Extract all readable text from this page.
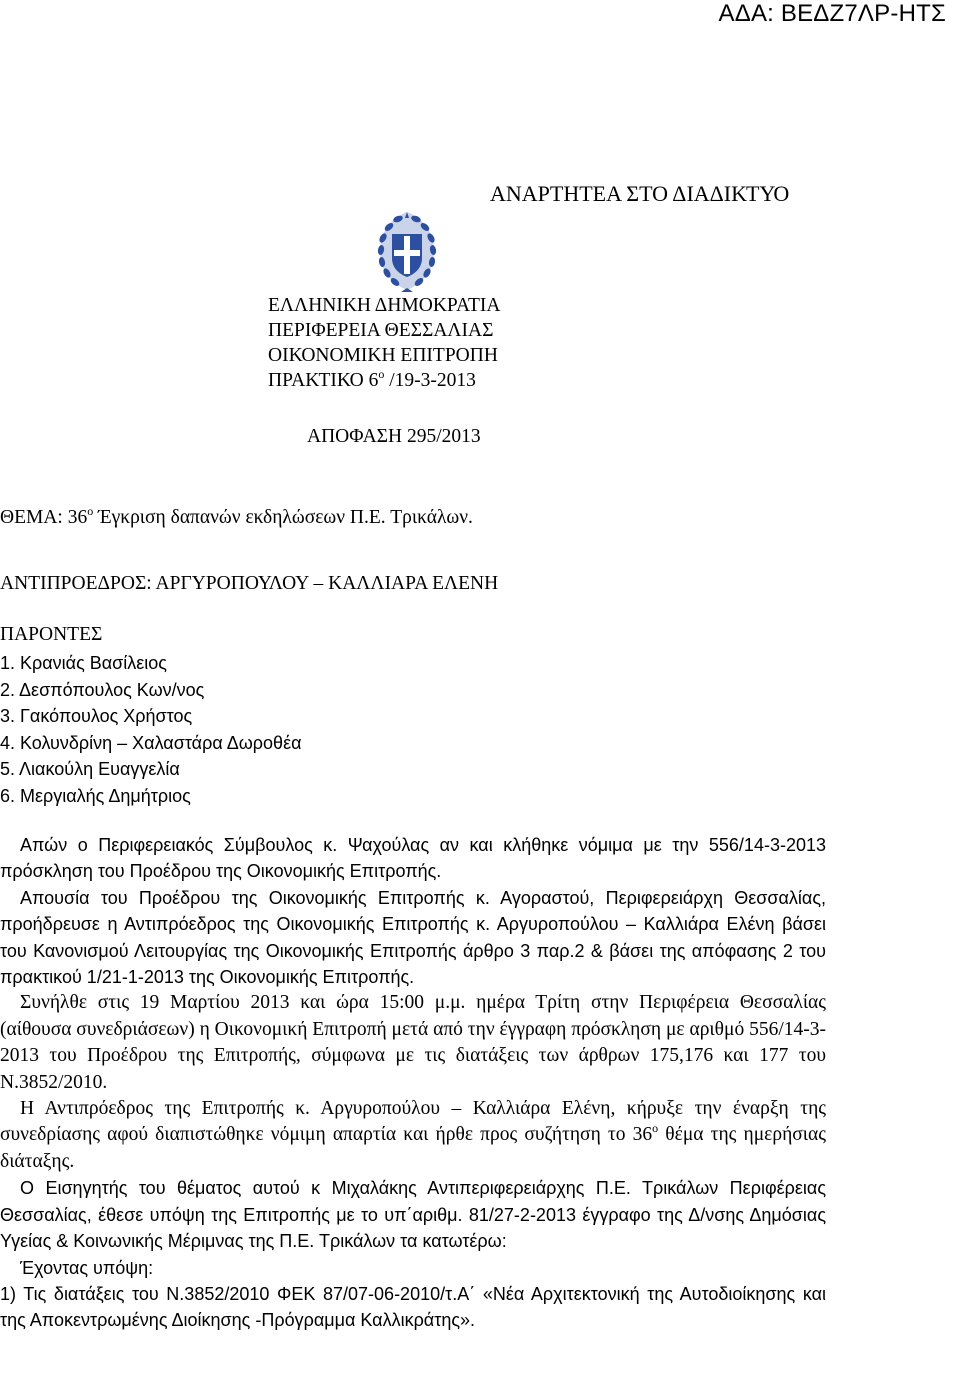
ΑΔΑ: ΒΕΔΖ7ΛΡ-ΗΤΣ
ΑΝΑΡΤΗΤΕΑ ΣΤΟ ΔΙΑΔΙΚΤΥΟ
ΕΛΛΗΝΙΚΗ ΔΗΜΟΚΡΑΤΙΑ
ΠΕΡΙΦΕΡΕΙΑ ΘΕΣΣΑΛΙΑΣ
ΟΙΚΟΝΟΜΙΚΗ ΕΠΙΤΡΟΠΗ
ΠΡΑΚΤΙΚΟ $6^o$ /19-3-2013
ΑΠΟΦΑΣΗ 295/2013
ΘΕΜΑ: $36^o$ Έγκριση δαπανών εκδηλώσεων Π.Ε. Τρικάλων.
ΑΝΤΙΠΡΟΕΔΡΟΣ: ΑΡΓΥΡΟΠΟΥΛΟΥ – ΚΑΛΛΙΑΡΑ ΕΛΕΝΗ
ΠΑΡΟΝΤΕΣ
1. Κρανιάς Βασίλειος
2. Δεσπόπουλος Κων/νος
3. Γακόπουλος Χρήστος
4. Κολυνδρίνη – Χαλαστάρα Δωροθέα
5. Λιακούλη Ευαγγελία
6. Μεργιαλής Δημήτριος

Απών ο Περιφερειακός Σύμβουλος κ. Ψαχούλας αν και κλήθηκε νόμιμα με την 556/14-3-2013 πρόσκληση του Προέδρου της Οικονομικής Επιτροπής.

Απουσία του Προέδρου της Οικονομικής Επιτροπής κ. Αγοραστού, Περιφερειάρχη Θεσσαλίας, προήδρευσε η Αντιπρόεδρος της Οικονομικής Επιτροπής κ. Αργυροπούλου – Καλλιάρα Ελένη βάσει του Κανονισμού Λειτουργίας της Οικονομικής Επιτροπής άρθρο 3 παρ.2 & βάσει της απόφασης 2 του πρακτικού 1/21-1-2013 της Οικονομικής Επιτροπής.

Συνήλθε στις 19 Μαρτίου 2013 και ώρα 15:00 μ.μ. ημέρα Τρίτη στην Περιφέρεια Θεσσαλίας (αίθουσα συνεδριάσεων) η Οικονομική Επιτροπή μετά από την έγγραφη πρόσκληση με αριθμό 556/14-3-2013 του Προέδρου της Επιτροπής, σύμφωνα με τις διατάξεις των άρθρων 175,176 και 177 του Ν.3852/2010.

Η Αντιπρόεδρος της Επιτροπής κ. Αργυροπούλου – Καλλιάρα Ελένη, κήρυξε την έναρξη της συνεδρίασης αφού διαπιστώθηκε νόμιμη απαρτία και ήρθε προς συζήτηση το $36^o$ θέμα της ημερήσιας διάταξης.

Ο Εισηγητής του θέματος αυτού κ Μιχαλάκης Αντιπεριφερειάρχης Π.Ε. Τρικάλων Περιφέρειας Θεσσαλίας, έθεσε υπόψη της Επιτροπής με το υπ΄αριθμ. 81/27-2-2013 έγγραφο της Δ/νσης Δημόσιας Υγείας & Κοινωνικής Μέριμνας της Π.Ε. Τρικάλων τα κατωτέρω:

Έχοντας υπόψη:

1) Τις διατάξεις του Ν.3852/2010 ΦΕΚ 87/07-06-2010/τ.Α΄ «Νέα Αρχιτεκτονική της Αυτοδιοίκησης και της Αποκεντρωμένης Διοίκησης -Πρόγραμμα Καλλικράτης».
